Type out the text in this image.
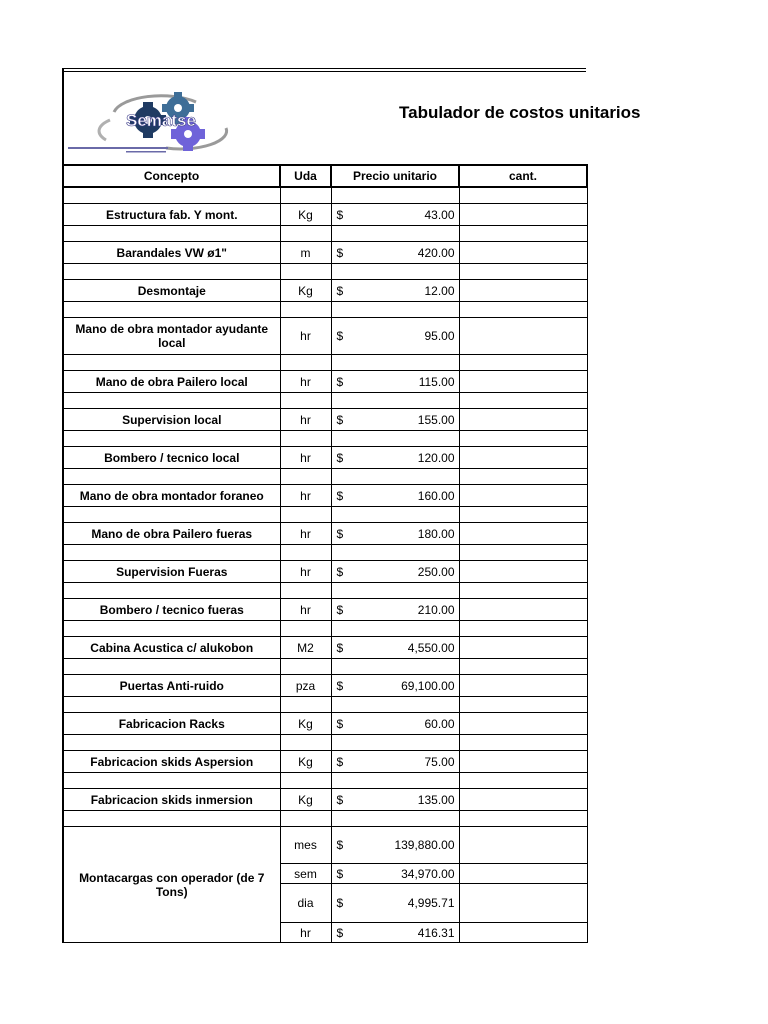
Sematse	Tabulador de costos unitarios
Concepto	Uda	Precio unitario	cant.

Estructura fab. Y mont.	Kg	$ 43.00	

Barandales VW ø1"	m	$ 420.00	

Desmontaje	Kg	$ 12.00	

Mano de obra montador ayudante local	hr	$ 95.00	

Mano de obra Pailero local	hr	$ 115.00	

Supervision local	hr	$ 155.00	

Bombero / tecnico local	hr	$ 120.00	

Mano de obra montador foraneo	hr	$ 160.00	

Mano de obra Pailero fueras	hr	$ 180.00	

Supervision Fueras	hr	$ 250.00	

Bombero / tecnico fueras	hr	$ 210.00	

Cabina Acustica c/ alukobon	M2	$ 4,550.00	

Puertas Anti-ruido	pza	$ 69,100.00	

Fabricacion Racks	Kg	$ 60.00	

Fabricacion skids Aspersion	Kg	$ 75.00	

Fabricacion skids inmersion	Kg	$ 135.00	

Montacargas con operador (de 7 Tons)	mes	$ 139,880.00	
	sem	$ 34,970.00	
	dia	$ 4,995.71	
	hr	$ 416.31	
